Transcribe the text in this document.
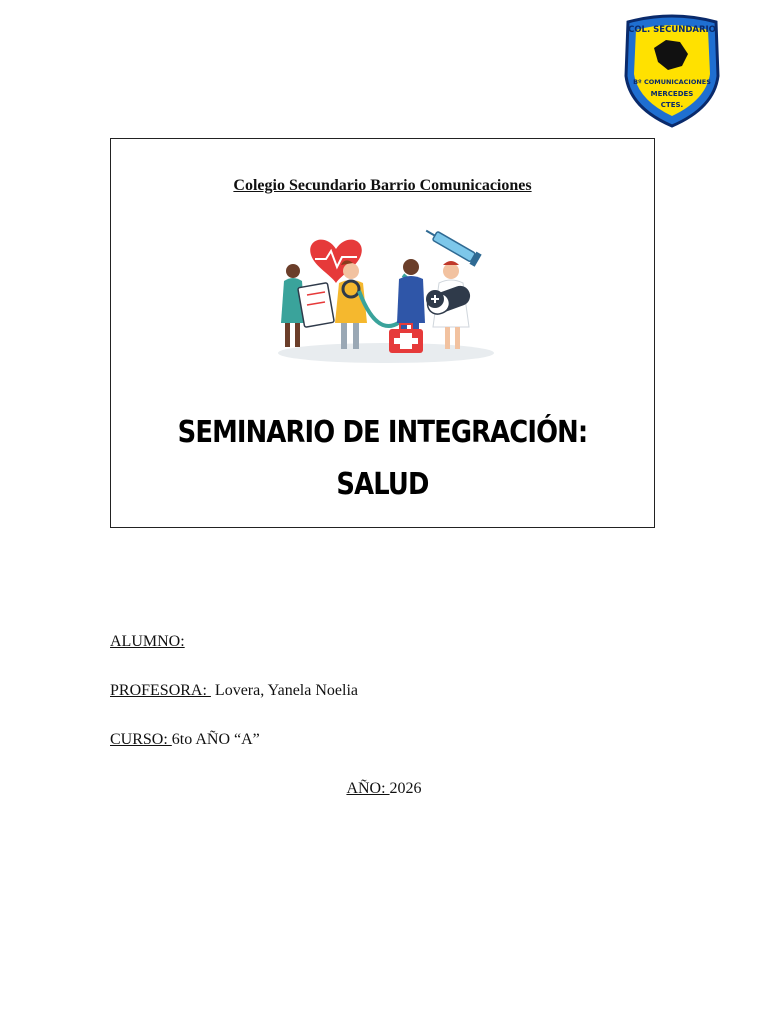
COL. SECUNDARIO
Bº COMUNICACIONES
MERCEDES
CTES.
Colegio Secundario Barrio Comunicaciones
SEMINARIO DE INTEGRACIÓN:
SALUD
ALUMNO:
PROFESORA:  Lovera, Yanela Noelia
CURSO: 6to AÑO “A”
AÑO: 2026
